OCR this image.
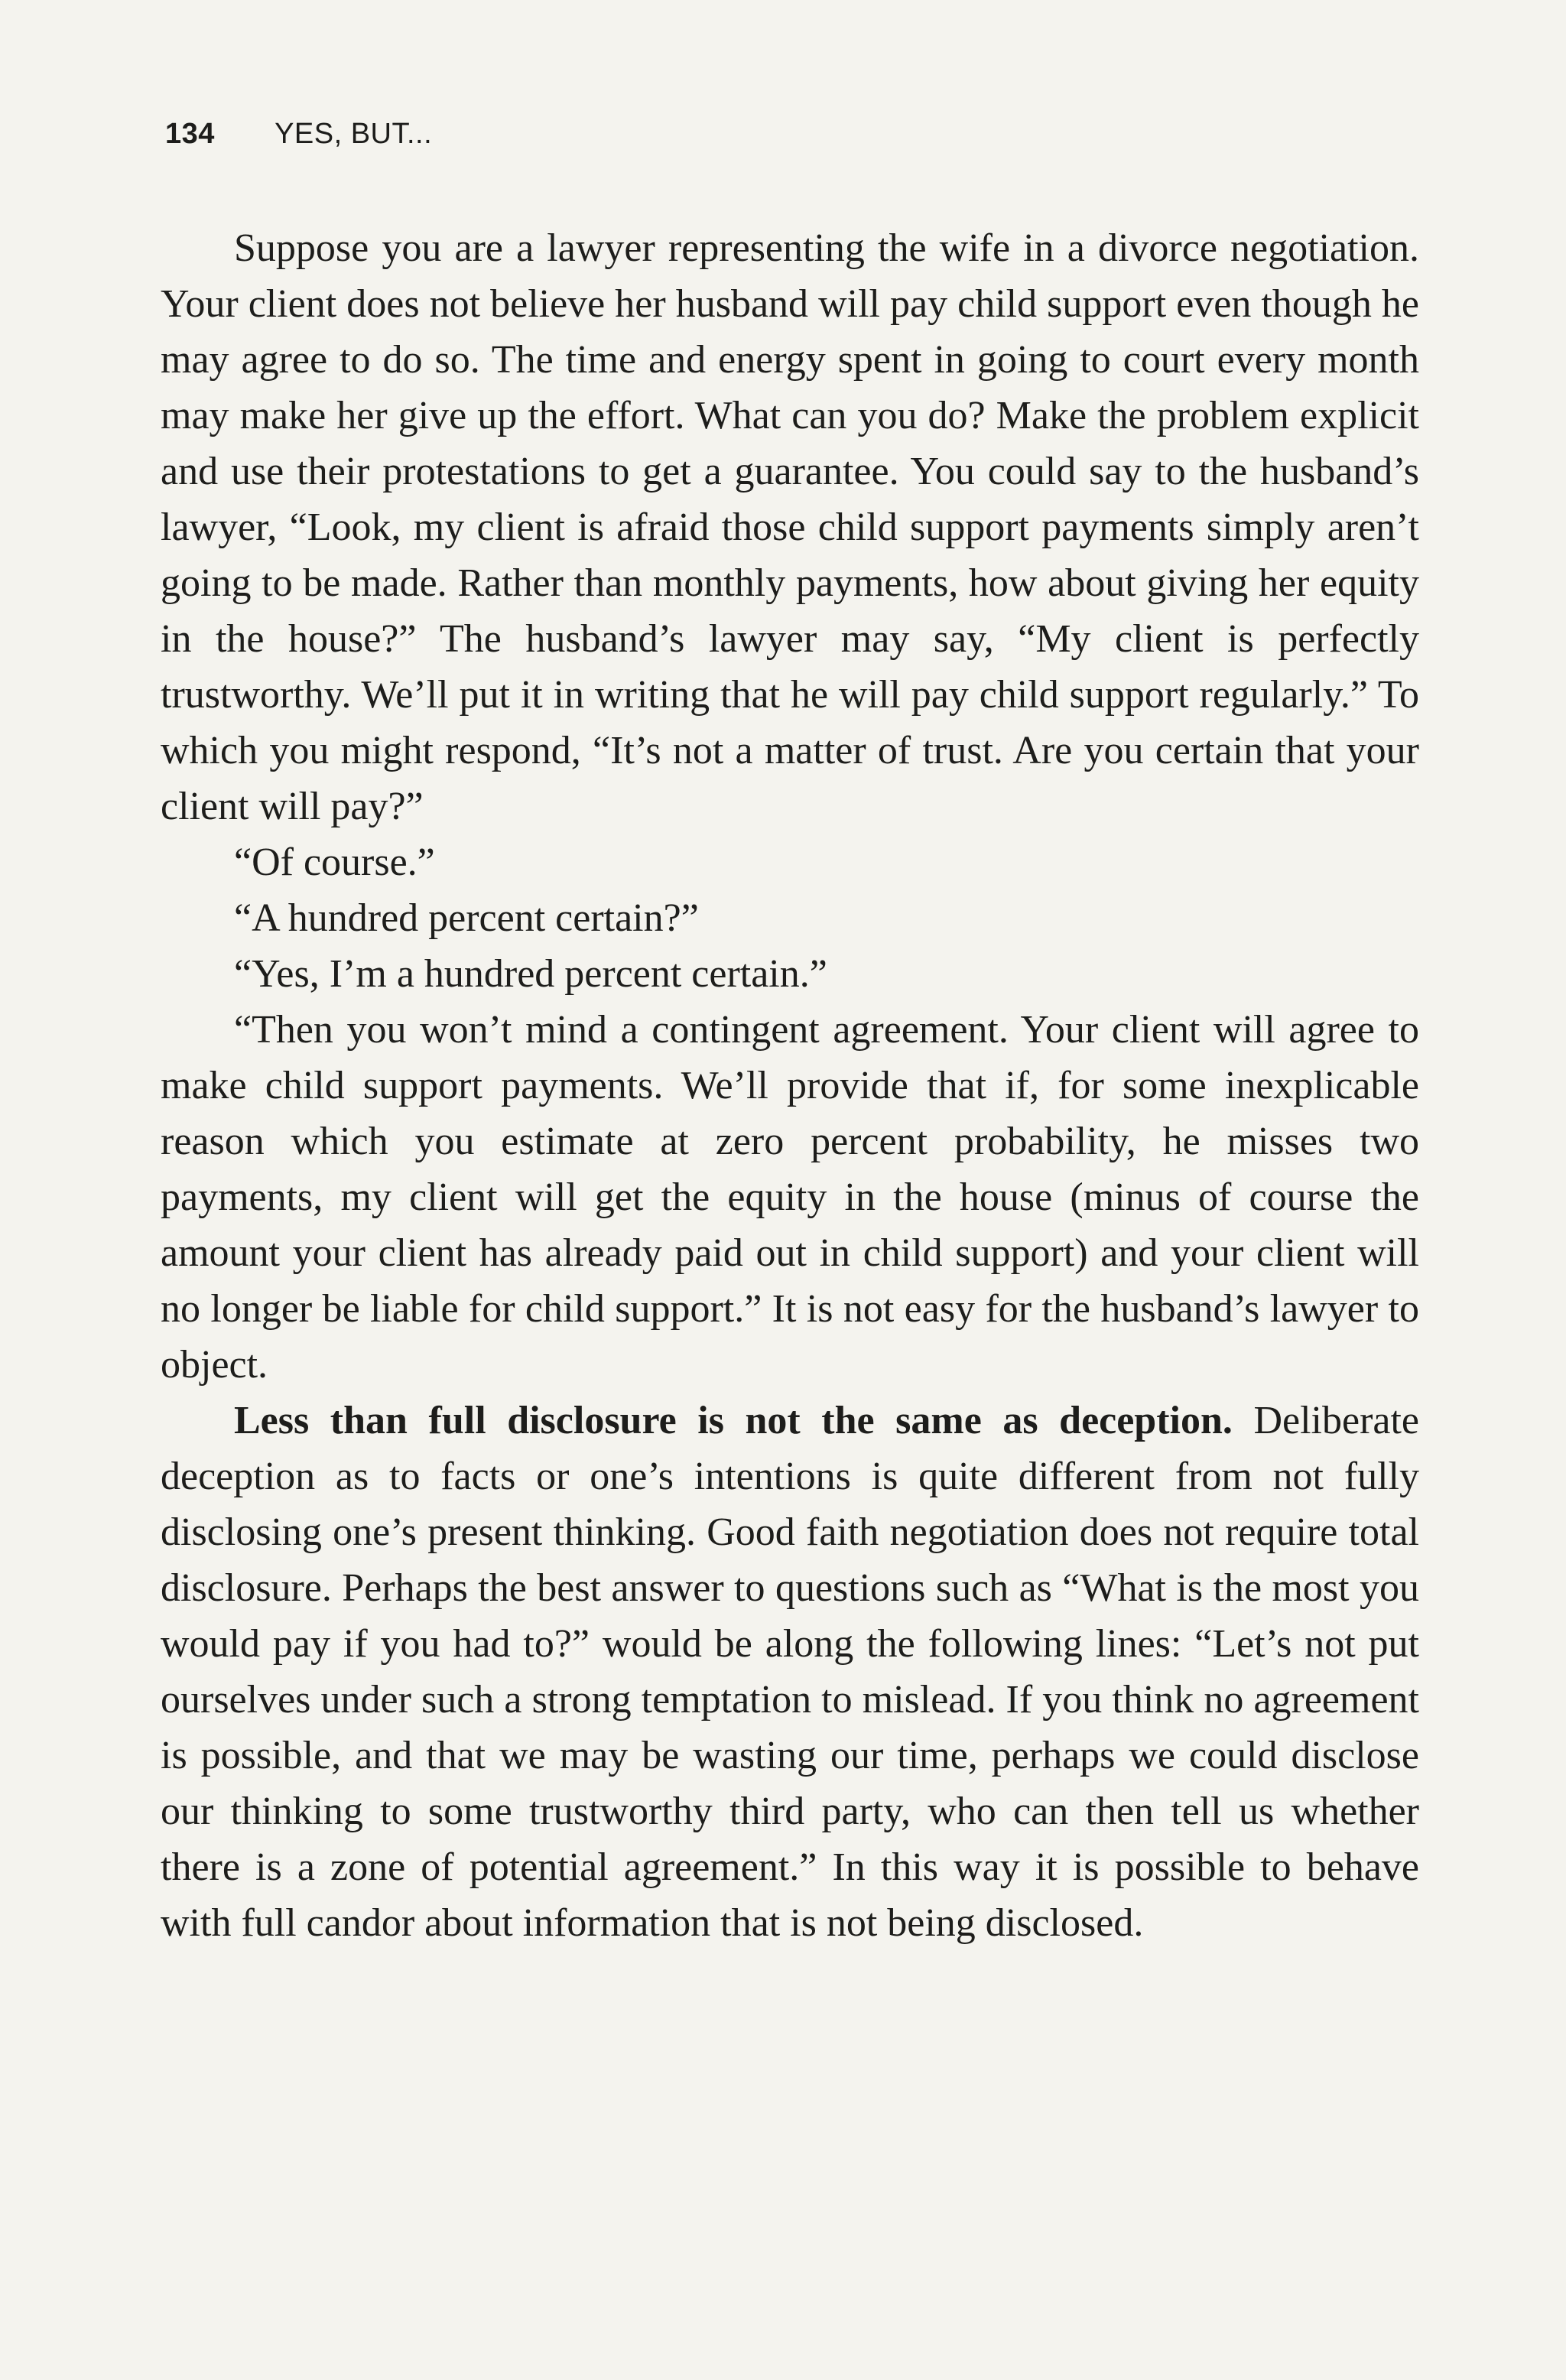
134 YES, BUT...

Suppose you are a lawyer representing the wife in a divorce negotiation. Your client does not believe her husband will pay child support even though he may agree to do so. The time and energy spent in going to court every month may make her give up the effort. What can you do? Make the problem explicit and use their protestations to get a guarantee. You could say to the husband’s lawyer, “Look, my client is afraid those child support payments simply aren’t going to be made. Rather than monthly payments, how about giving her equity in the house?” The husband’s lawyer may say, “My client is perfectly trustworthy. We’ll put it in writing that he will pay child support regularly.” To which you might respond, “It’s not a matter of trust. Are you certain that your client will pay?”

“Of course.”

“A hundred percent certain?”

“Yes, I’m a hundred percent certain.”

“Then you won’t mind a contingent agreement. Your client will agree to make child support payments. We’ll provide that if, for some inexplicable reason which you estimate at zero percent probability, he misses two payments, my client will get the equity in the house (minus of course the amount your client has already paid out in child support) and your client will no longer be liable for child support.” It is not easy for the husband’s lawyer to object.

Less than full disclosure is not the same as deception. Deliberate deception as to facts or one’s intentions is quite different from not fully disclosing one’s present thinking. Good faith negotiation does not require total disclosure. Perhaps the best answer to questions such as “What is the most you would pay if you had to?” would be along the following lines: “Let’s not put ourselves under such a strong temptation to mislead. If you think no agreement is possible, and that we may be wasting our time, perhaps we could disclose our thinking to some trustworthy third party, who can then tell us whether there is a zone of potential agreement.” In this way it is possible to behave with full candor about information that is not being disclosed.
